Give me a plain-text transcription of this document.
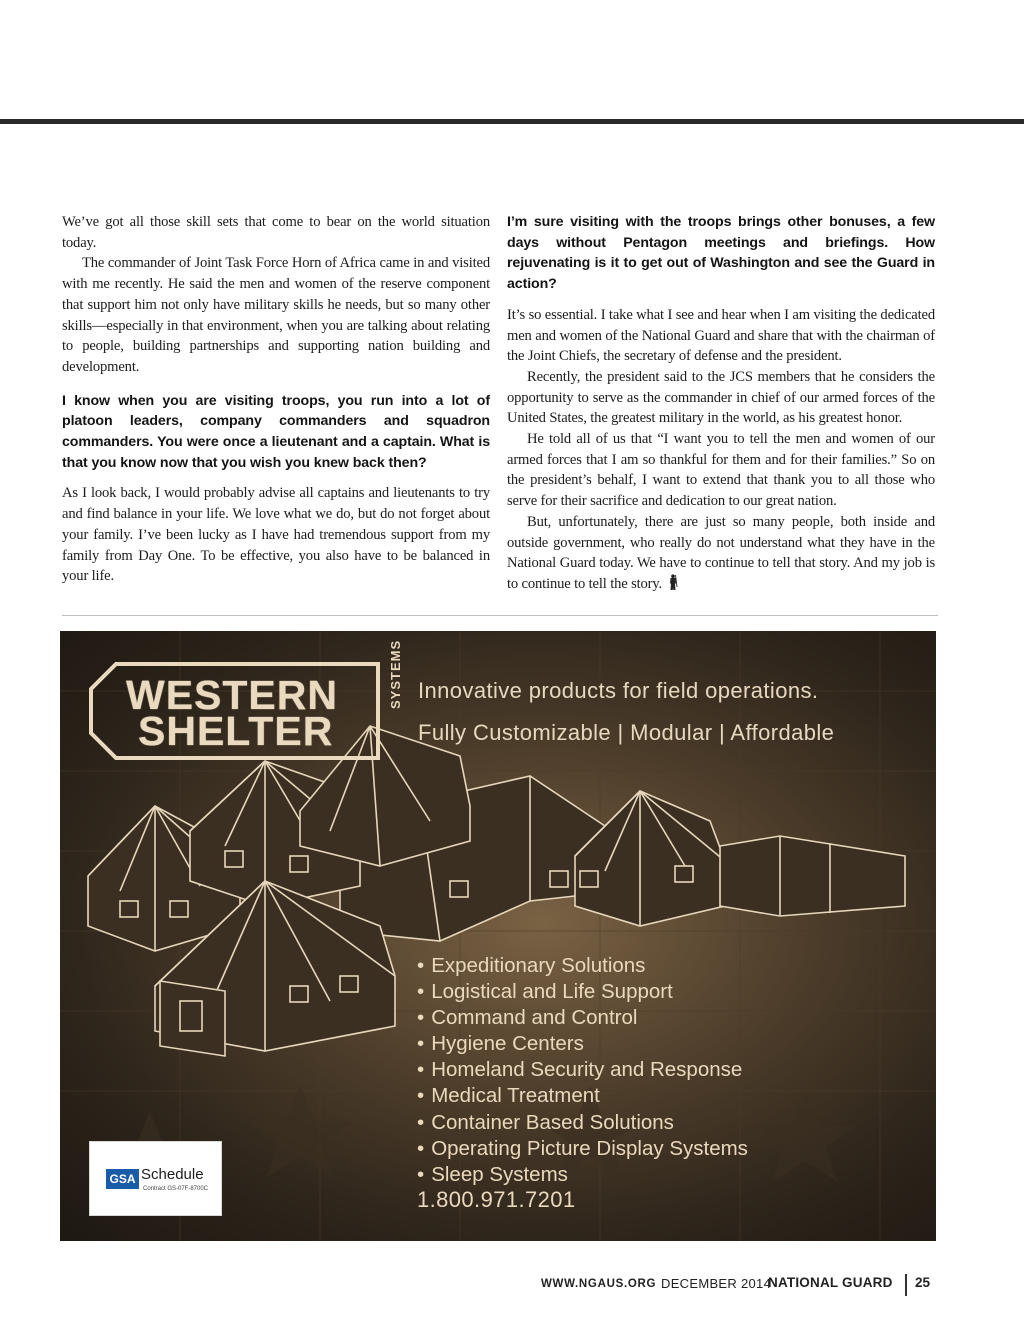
We’ve got all those skill sets that come to bear on the world situation today.

The commander of Joint Task Force Horn of Africa came in and visited with me recently. He said the men and women of the reserve component that support him not only have military skills he needs, but so many other skills—especially in that environment, when you are talking about relating to people, building partnerships and supporting nation building and development.

I know when you are visiting troops, you run into a lot of platoon leaders, company commanders and squadron commanders. You were once a lieutenant and a captain. What is that you know now that you wish you knew back then?

As I look back, I would probably advise all captains and lieutenants to try and find balance in your life. We love what we do, but do not forget about your family. I’ve been lucky as I have had tremendous support from my family from Day One. To be effective, you also have to be balanced in your life.

I’m sure visiting with the troops brings other bonuses, a few days without Pentagon meetings and briefings. How rejuvenating is it to get out of Washington and see the Guard in action?

It’s so essential. I take what I see and hear when I am visiting the dedicated men and women of the National Guard and share that with the chairman of the Joint Chiefs, the secretary of defense and the president.

Recently, the president said to the JCS members that he considers the opportunity to serve as the commander in chief of our armed forces of the United States, the greatest military in the world, as his greatest honor.

He told all of us that “I want you to tell the men and women of our armed forces that I am so thankful for them and for their families.” So on the president’s behalf, I want to extend that thank you to all those who serve for their sacrifice and dedication to our great nation.

But, unfortunately, there are just so many people, both inside and outside government, who really do not understand what they have in the National Guard today. We have to continue to tell that story. And my job is to continue to tell the story.

WESTERN
SHELTER
SYSTEMS Innovative products for field operations.
Fully Customizable | Modular | Affordable
• Expeditionary Solutions
• Logistical and Life Support
• Command and Control
• Hygiene Centers
• Homeland Security and Response
• Medical Treatment
• Container Based Solutions
• Operating Picture Display Systems
• Sleep Systems
1.800.971.7201
GSA Schedule
Contract GS-07F-8700C
WWW.NGAUS.ORG DECEMBER 2014
NATIONAL GUARD 25
